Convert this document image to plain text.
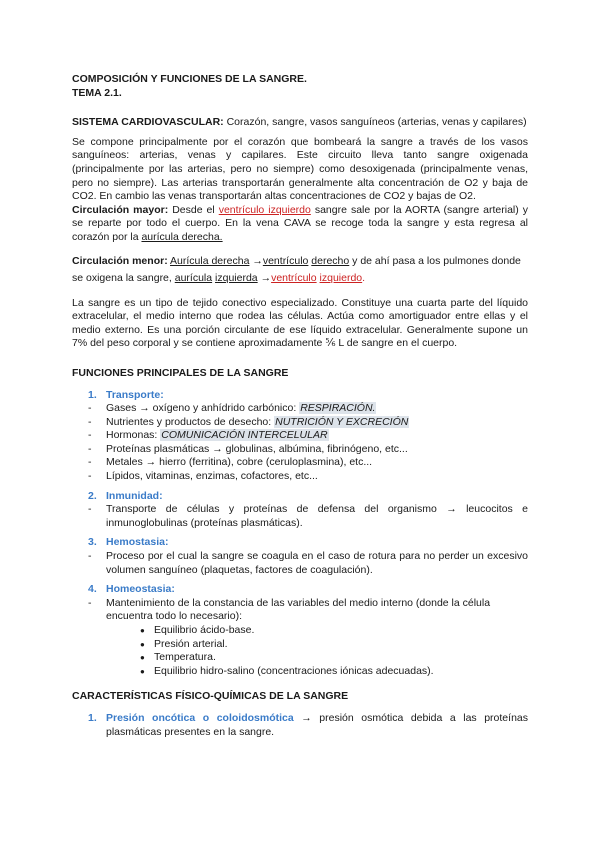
COMPOSICIÓN Y FUNCIONES DE LA SANGRE.

TEMA 2.1.

SISTEMA CARDIOVASCULAR: Corazón, sangre, vasos sanguíneos (arterias, venas y capilares)

Se compone principalmente por el corazón que bombeará la sangre a través de los vasos sanguíneos: arterias, venas y capilares. Este circuito lleva tanto sangre oxigenada (principalmente por las arterias, pero no siempre) como desoxigenada (principalmente venas, pero no siempre). Las arterias transportarán generalmente alta concentración de O2 y baja de CO2. En cambio las venas transportarán altas concentraciones de CO2 y bajas de O2.

Circulación mayor: Desde el ventrículo izquierdo sangre sale por la AORTA (sangre arterial) y se reparte por todo el cuerpo. En la vena CAVA se recoge toda la sangre y esta regresa al corazón por la aurícula derecha.

Circulación menor: Aurícula derecha →ventrículo derecho y de ahí pasa a los pulmones donde se oxigena la sangre, aurícula izquierda →ventrículo izquierdo.

La sangre es un tipo de tejido conectivo especializado. Constituye una cuarta parte del líquido extracelular, el medio interno que rodea las células. Actúa como amortiguador entre ellas y el medio externo. Es una porción circulante de ese líquido extracelular. Generalmente supone un 7% del peso corporal y se contiene aproximadamente ⅚ L de sangre en el cuerpo.

FUNCIONES PRINCIPALES DE LA SANGRE

1. Transporte:
-	Gases → oxígeno y anhídrido carbónico: RESPIRACIÓN.
-	Nutrientes y productos de desecho: NUTRICIÓN Y EXCRECIÓN
-	Hormonas: COMUNICACIÓN INTERCELULAR
-	Proteínas plasmáticas → globulinas, albúmina, fibrinógeno, etc...
-	Metales → hierro (ferritina), cobre (ceruloplasmina), etc...
-	Lípidos, vitaminas, enzimas, cofactores, etc...
2. Inmunidad:
-	Transporte de células y proteínas de defensa del organismo → leucocitos e inmunoglobulinas (proteínas plasmáticas).
3. Hemostasia:
-	Proceso por el cual la sangre se coagula en el caso de rotura para no perder un excesivo volumen sanguíneo (plaquetas, factores de coagulación).
4. Homeostasia:
-	Mantenimiento de la constancia de las variables del medio interno (donde la célula encuentra todo lo necesario):
● Equilibrio ácido-base.
● Presión arterial.
● Temperatura.
● Equilibrio hidro-salino (concentraciones iónicas adecuadas).

CARACTERÍSTICAS FÍSICO-QUÍMICAS DE LA SANGRE

1. Presión oncótica o coloidosmótica → presión osmótica debida a las proteínas plasmáticas presentes en la sangre.
